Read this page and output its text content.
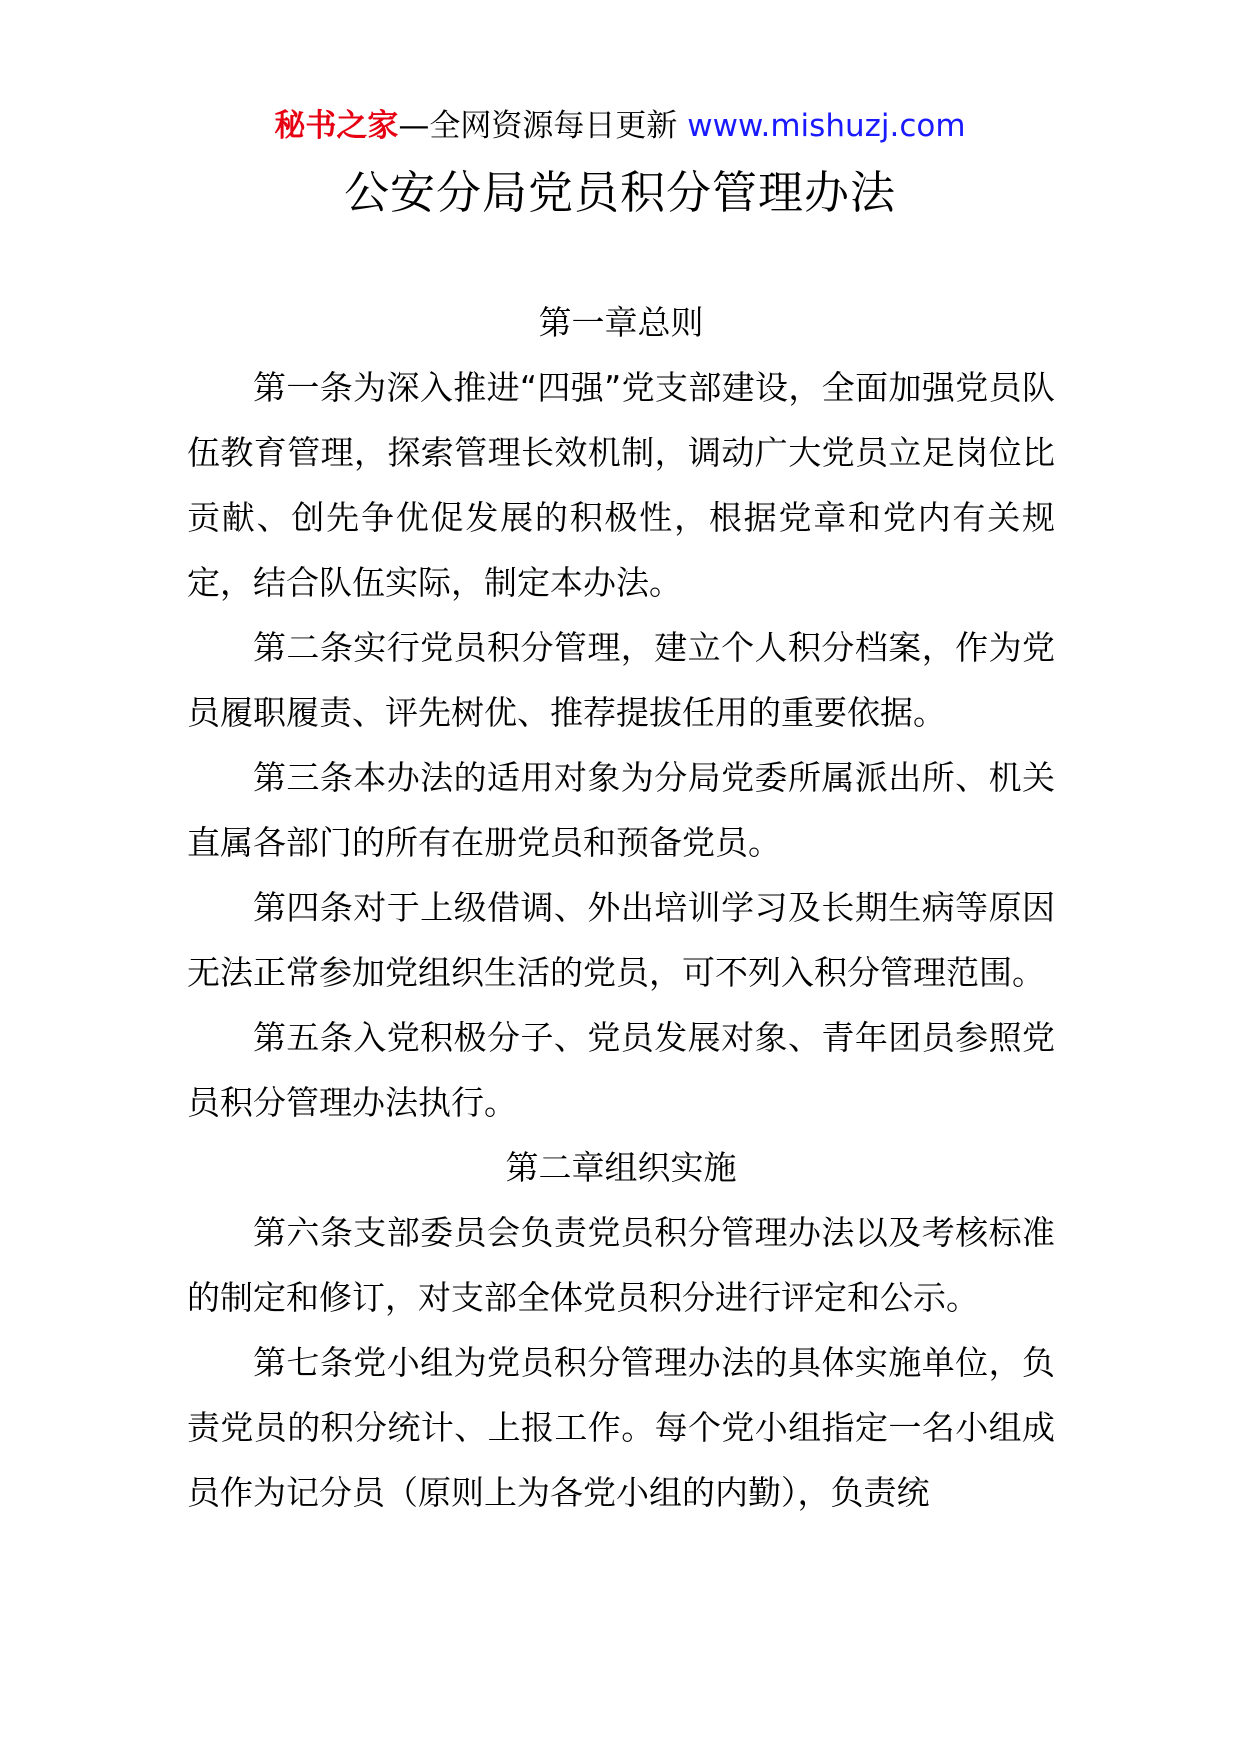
秘书之家—全网资源每日更新 www.mishuzj.com
公安分局党员积分管理办法
第一章总则

第一条为深入推进“四强”党支部建设，全面加强党员队伍教育管理，探索管理长效机制，调动广大党员立足岗位比贡献、创先争优促发展的积极性，根据党章和党内有关规定，结合队伍实际，制定本办法。

第二条实行党员积分管理，建立个人积分档案，作为党员履职履责、评先树优、推荐提拔任用的重要依据。

第三条本办法的适用对象为分局党委所属派出所、机关直属各部门的所有在册党员和预备党员。

第四条对于上级借调、外出培训学习及长期生病等原因无法正常参加党组织生活的党员，可不列入积分管理范围。

第五条入党积极分子、党员发展对象、青年团员参照党员积分管理办法执行。

第二章组织实施

第六条支部委员会负责党员积分管理办法以及考核标准的制定和修订，对支部全体党员积分进行评定和公示。

第七条党小组为党员积分管理办法的具体实施单位，负责党员的积分统计、上报工作。每个党小组指定一名小组成员作为记分员（原则上为各党小组的内勤），负责统
